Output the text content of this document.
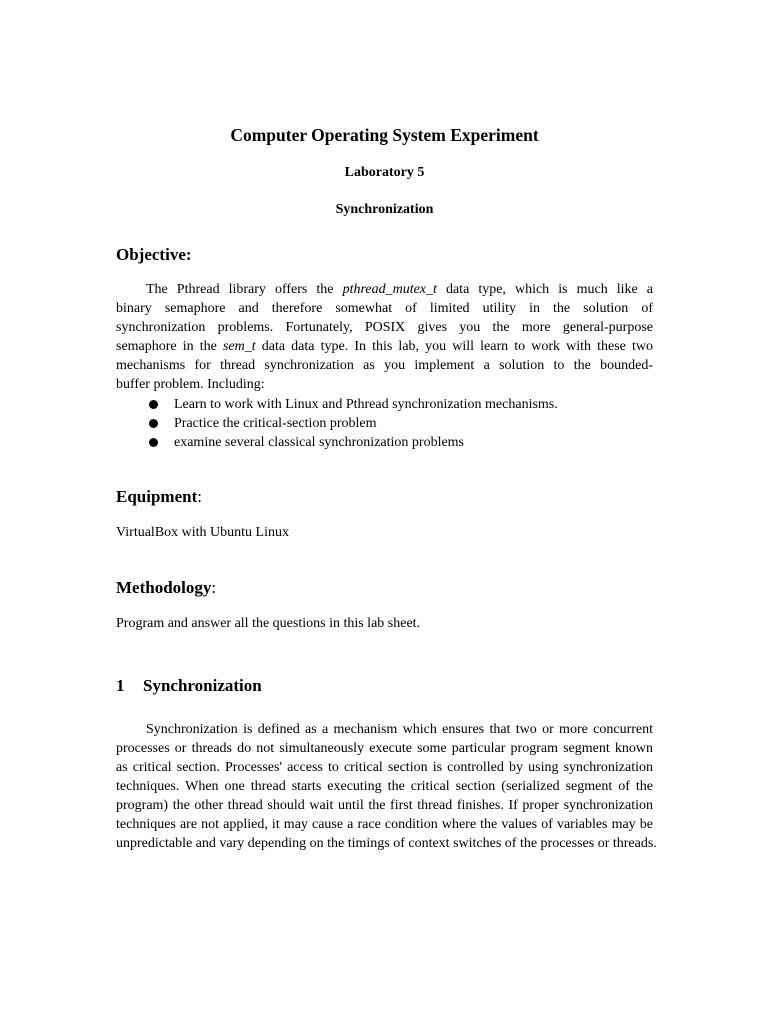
Computer Operating System Experiment
Laboratory 5
Synchronization
Objective:
The Pthread library offers the pthread_mutex_t data type, which is much like a
binary semaphore and therefore somewhat of limited utility in the solution of
synchronization problems. Fortunately, POSIX gives you the more general-purpose
semaphore in the sem_t data data type. In this lab, you will learn to work with these two
mechanisms for thread synchronization as you implement a solution to the bounded-
buffer problem. Including:
Learn to work with Linux and Pthread synchronization mechanisms.
Practice the critical-section problem
examine several classical synchronization problems
Equipment:
VirtualBox with Ubuntu Linux
Methodology:
Program and answer all the questions in this lab sheet.
1 Synchronization
Synchronization is defined as a mechanism which ensures that two or more concurrent
processes or threads do not simultaneously execute some particular program segment known
as critical section. Processes' access to critical section is controlled by using synchronization
techniques. When one thread starts executing the critical section (serialized segment of the
program) the other thread should wait until the first thread finishes. If proper synchronization
techniques are not applied, it may cause a race condition where the values of variables may be
unpredictable and vary depending on the timings of context switches of the processes or threads.
